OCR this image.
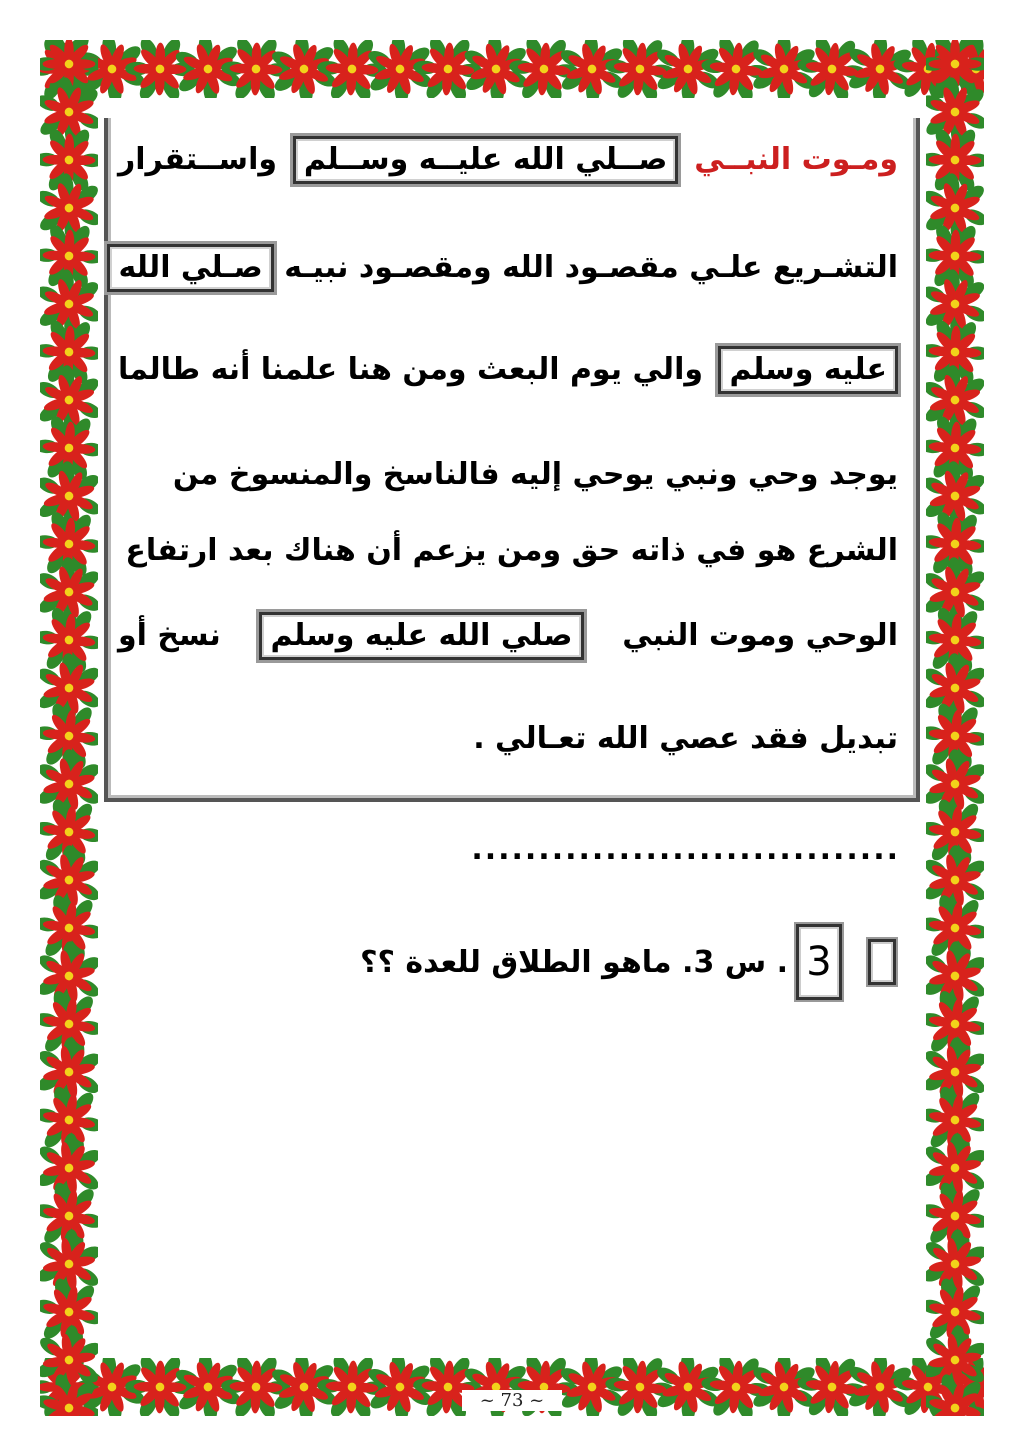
ومـوت النبــي صــلي الله عليــه وســلم واســتقرار
التشـريع علـي مقصـود الله ومقصـود نبيـه صـلي الله
عليه وسلم والي يوم البعث ومن هنا علمنا أنه طالما
يوجد وحي ونبي يوحي إليه فالناسخ والمنسوخ من
الشرع هو في ذاته حق ومن يزعم أن هناك بعد ارتفاع
الوحي وموت النبي صلي الله عليه وسلم نسخ أو
تبديل فقد عصي الله تعـالي .
................................
3
. س 3. ماهو الطلاق للعدة ؟؟
~ 73 ~
